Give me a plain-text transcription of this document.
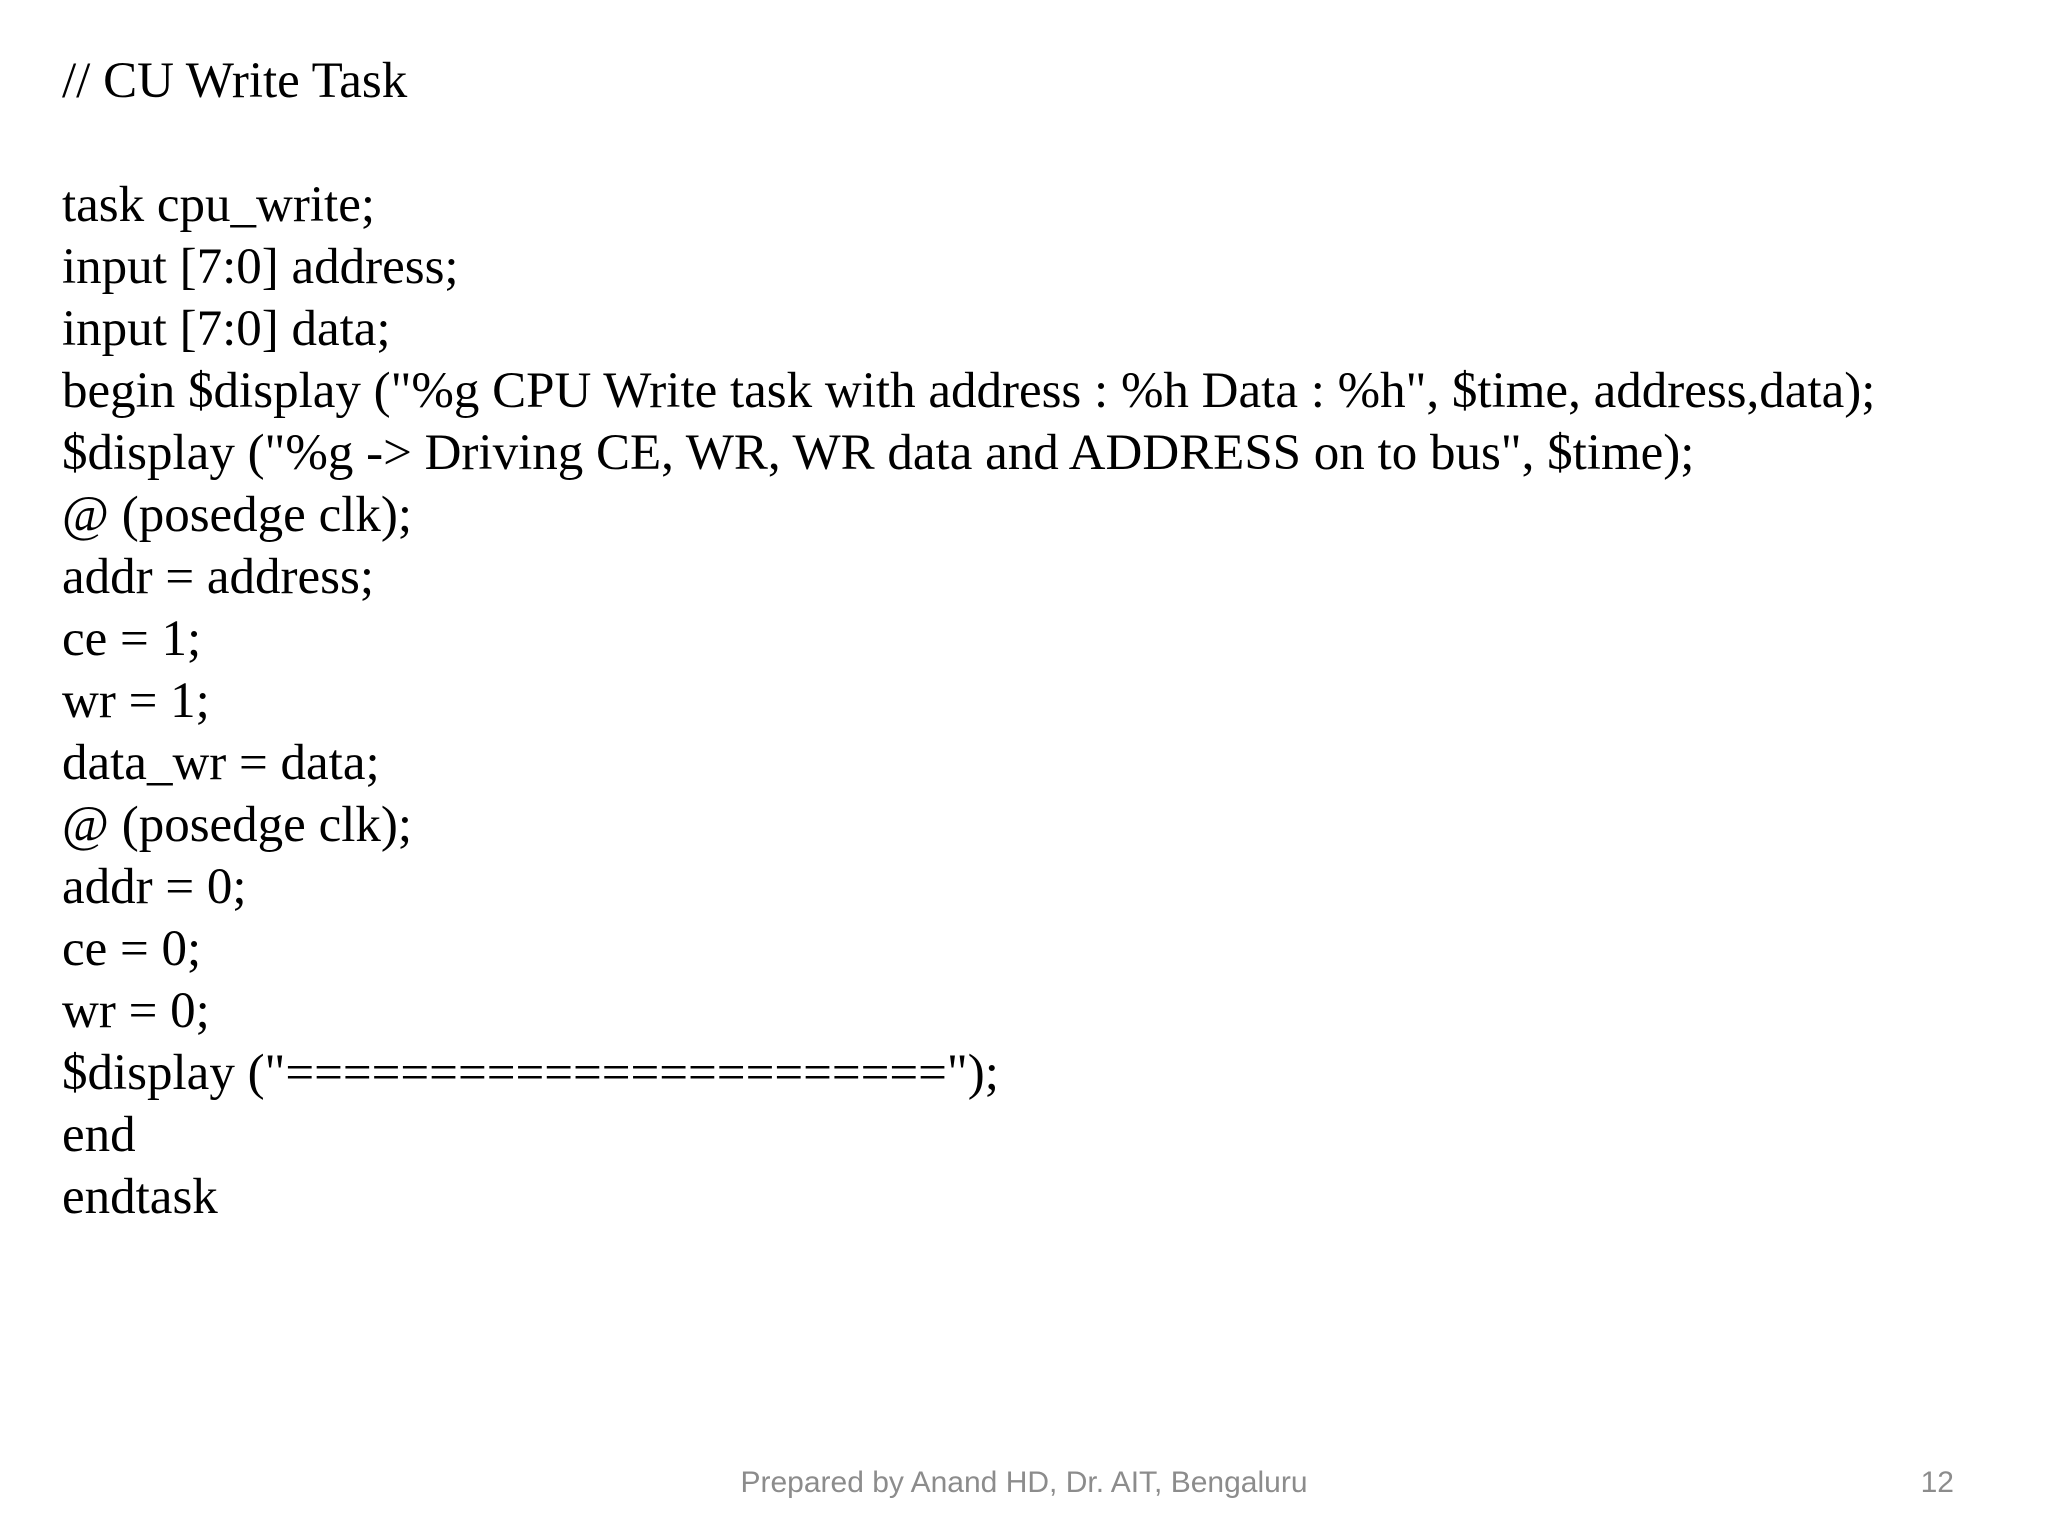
// CU Write Task
task cpu_write;
input [7:0] address;
input [7:0] data;
begin $display ("%g CPU Write task with address : %h Data : %h", $time, address,data);
$display ("%g -> Driving CE, WR, WR data and ADDRESS on to bus", $time);
@ (posedge clk);
addr = address;
ce = 1;
wr = 1;
data_wr = data;
@ (posedge clk);
addr = 0;
ce = 0;
wr = 0;
$display ("=======================");
end
endtask
Prepared by Anand HD, Dr. AIT, Bengaluru	12
